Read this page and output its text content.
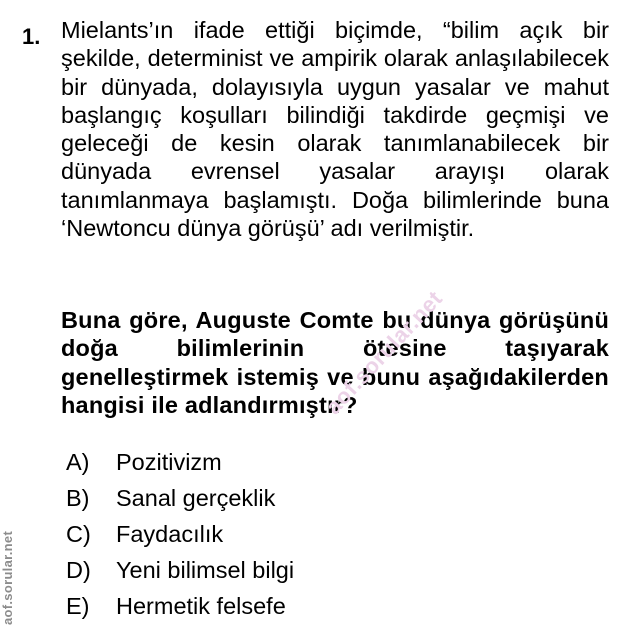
1. Mielants’ın ifade ettiği biçimde, “bilim açık bir şekilde, determinist ve ampirik olarak anlaşılabilecek bir dünyada, dolayısıyla uygun yasalar ve mahut başlangıç koşulları bilindiği takdirde geçmişi ve geleceği de kesin olarak tanımlanabilecek bir dünyada evrensel yasalar arayışı olarak tanımlanmaya başlamıştı. Doğa bilimlerinde buna ‘Newtoncu dünya görüşü’ adı verilmiştir.

Buna göre, Auguste Comte bu dünya görüşünü doğa bilimlerinin ötesine taşıyarak genelleştirmek istemiş ve bunu aşağıdakilerden hangisi ile adlandırmıştır?

A)	Pozitivizm
B)	Sanal gerçeklik
C)	Faydacılık
D)	Yeni bilimsel bilgi
E)	Hermetik felsefe
aof.sorular.net
aof.sorular.net
